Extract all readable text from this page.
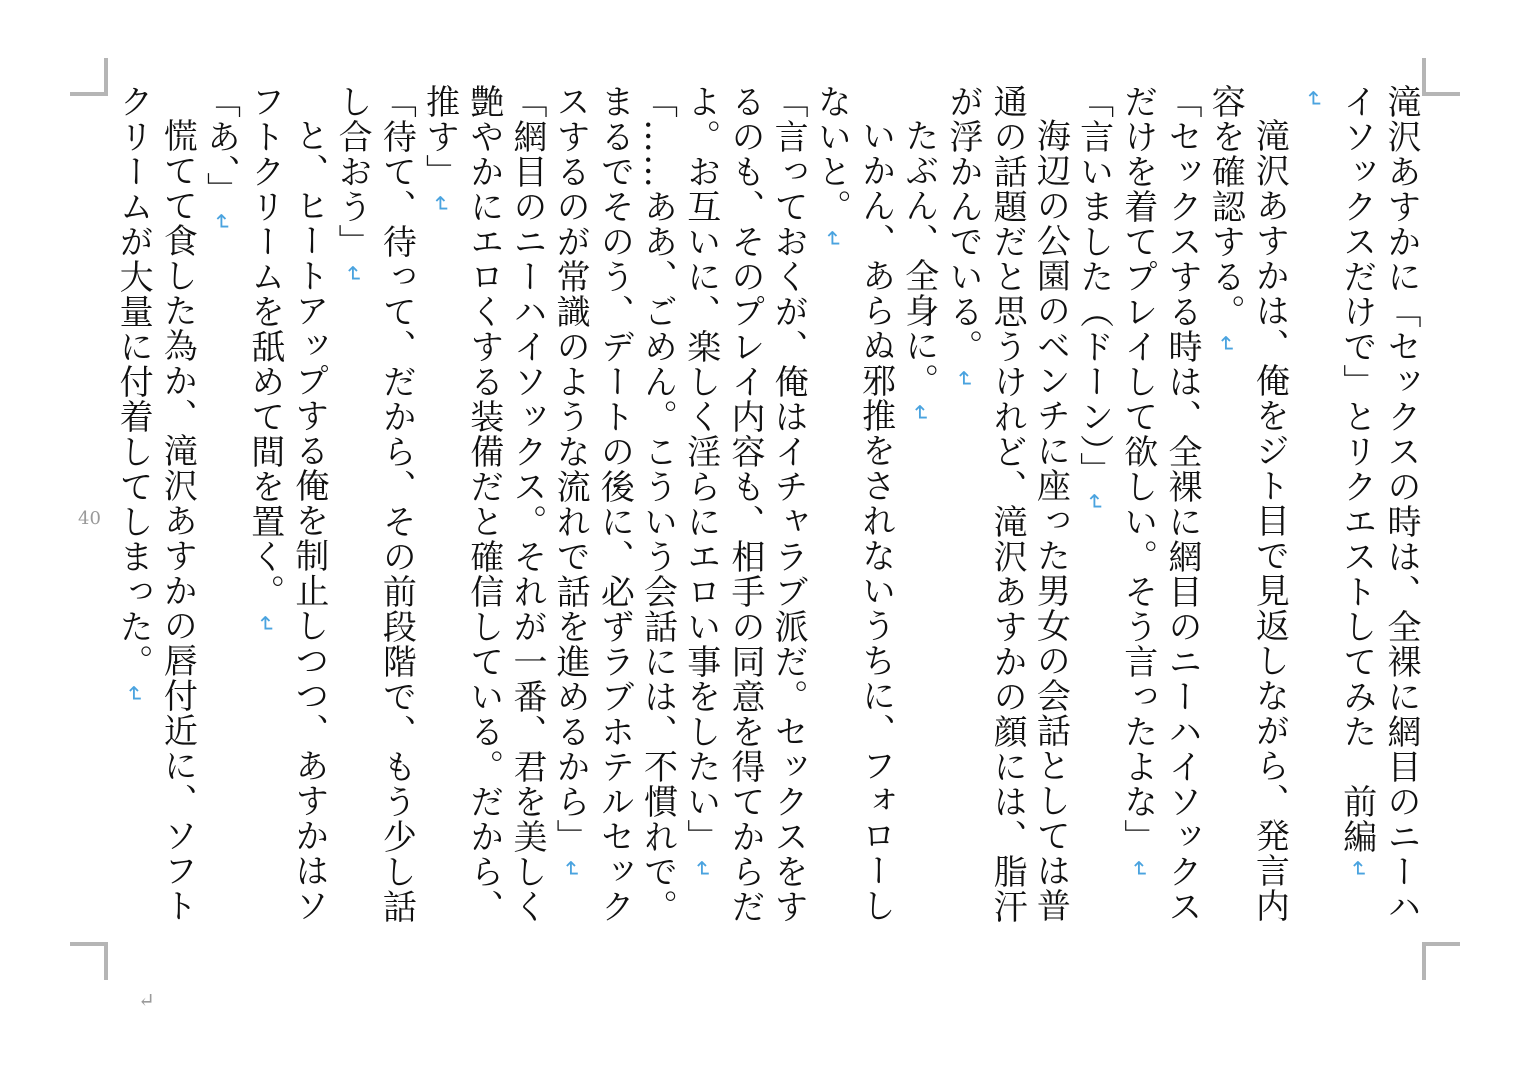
40
↵

滝沢あすかに「セックスの時は、全裸に網目のニーハイソックスだけで」とリクエストしてみた　前編↵

↵

滝沢あすかは、俺をジト目で見返しながら、発言内容を確認する。↵

「セックスする時は、全裸に網目のニーハイソックスだけを着てプレイして欲しい。そう言ったよな」↵

「言いました（ドーン）」↵

海辺の公園のベンチに座った男女の会話としては普通の話題だと思うけれど、滝沢あすかの顔には、脂汗が浮かんでいる。↵

たぶん、全身に。↵

いかん、あらぬ邪推をされないうちに、フォローしないと。↵

「言っておくが、俺はイチャラブ派だ。セックスをするのも、そのプレイ内容も、相手の同意を得てからだよ。お互いに、楽しく淫らにエロい事をしたい」↵

「……ああ、ごめん。こういう会話には、不慣れで。まるでそのう、デートの後に、必ずラブホテルセックスするのが常識のような流れで話を進めるから」↵

「網目のニーハイソックス。それが一番、君を美しく艶やかにエロくする装備だと確信している。だから、推す」↵

「待て、待って、だから、その前段階で、もう少し話し合おう」↵

と、ヒートアップする俺を制止しつつ、あすかはソフトクリームを舐めて間を置く。↵

「あ、」↵

慌てて食した為か、滝沢あすかの唇付近に、ソフトクリームが大量に付着してしまった。↵
